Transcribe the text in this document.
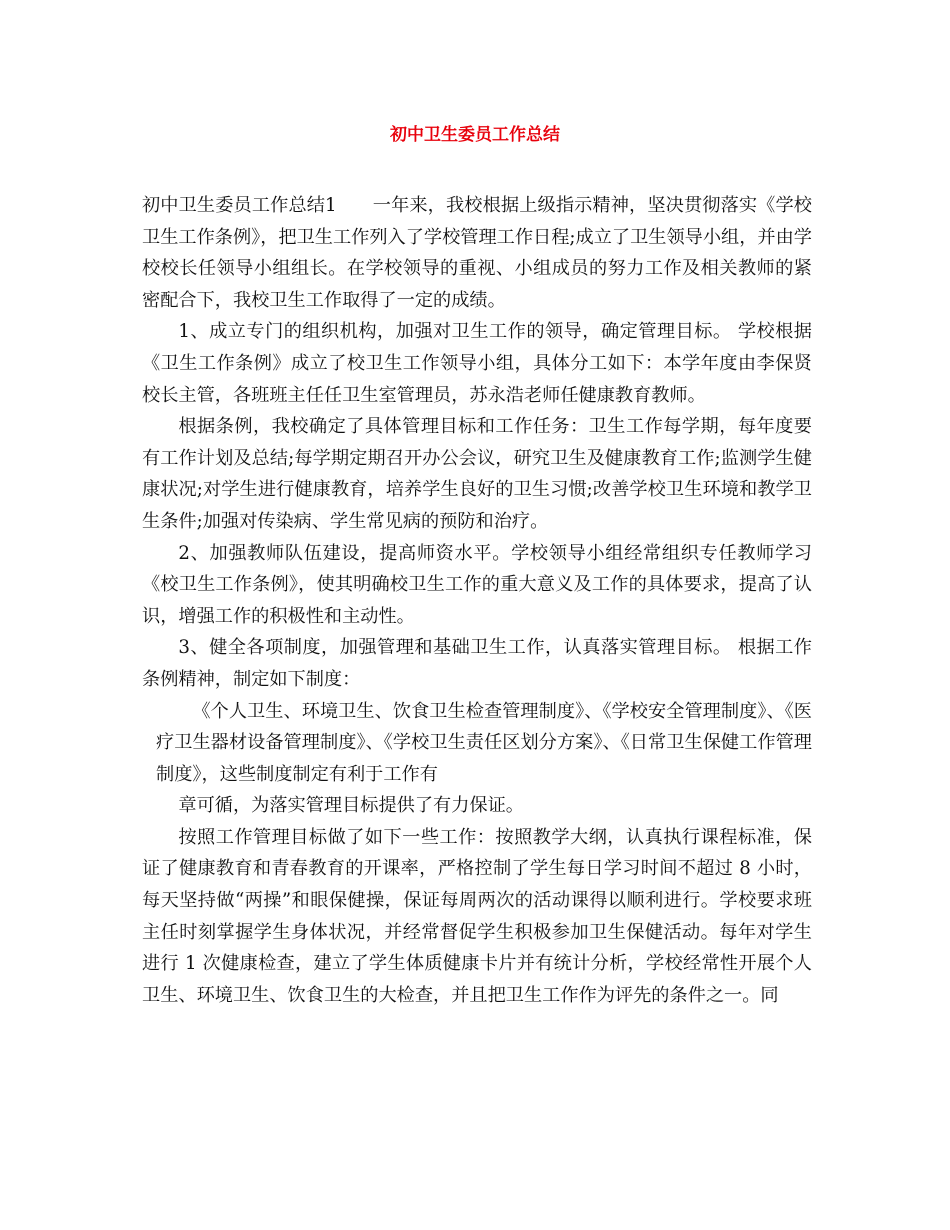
初中卫生委员工作总结

初中卫生委员工作总结1 一年来，我校根据上级指示精神，坚决贯彻落实《学校卫生工作条例》，把卫生工作列入了学校管理工作日程;成立了卫生领导小组，并由学校校长任领导小组组长。在学校领导的重视、小组成员的努力工作及相关教师的紧密配合下，我校卫生工作取得了一定的成绩。

1、成立专门的组织机构，加强对卫生工作的领导，确定管理目标。 学校根据《卫生工作条例》成立了校卫生工作领导小组，具体分工如下：本学年度由李保贤校长主管，各班班主任任卫生室管理员，苏永浩老师任健康教育教师。

根据条例，我校确定了具体管理目标和工作任务：卫生工作每学期，每年度要有工作计划及总结;每学期定期召开办公会议，研究卫生及健康教育工作;监测学生健康状况;对学生进行健康教育，培养学生良好的卫生习惯;改善学校卫生环境和教学卫生条件;加强对传染病、学生常见病的预防和治疗。

2、加强教师队伍建设，提高师资水平。学校领导小组经常组织专任教师学习《校卫生工作条例》，使其明确校卫生工作的重大意义及工作的具体要求，提高了认识，增强工作的积极性和主动性。

3、健全各项制度，加强管理和基础卫生工作，认真落实管理目标。 根据工作条例精神，制定如下制度：

《个人卫生、环境卫生、饮食卫生检查管理制度》、《学校安全管理制度》、《医疗卫生器材设备管理制度》、《学校卫生责任区划分方案》、《日常卫生保健工作管理制度》，这些制度制定有利于工作有

章可循，为落实管理目标提供了有力保证。

按照工作管理目标做了如下一些工作：按照教学大纲，认真执行课程标准，保证了健康教育和青春教育的开课率，严格控制了学生每日学习时间不超过 8 小时，每天坚持做“两操”和眼保健操，保证每周两次的活动课得以顺利进行。学校要求班主任时刻掌握学生身体状况，并经常督促学生积极参加卫生保健活动。每年对学生进行 1 次健康检查，建立了学生体质健康卡片并有统计分析，学校经常性开展个人卫生、环境卫生、饮食卫生的大检查，并且把卫生工作作为评先的条件之一。同
